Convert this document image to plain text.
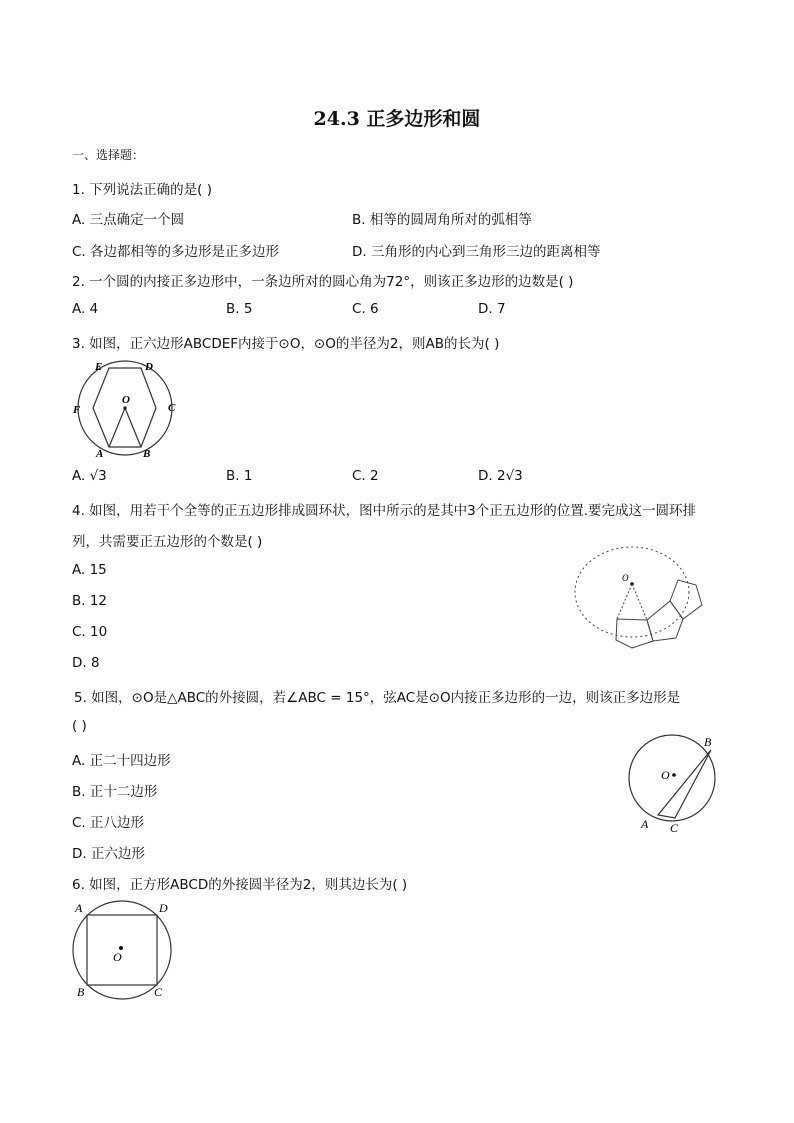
24.3 正多边形和圆
一、选择题：
1. 下列说法正确的是( )
A. 三点确定一个圆	B. 相等的圆周角所对的弧相等
C. 各边都相等的多边形是正多边形	D. 三角形的内心到三角形三边的距离相等
2. 一个圆的内接正多边形中，一条边所对的圆心角为72°，则该正多边形的边数是( )
A. 4	B. 5	C. 6	D. 7
3. 如图，正六边形ABCDEF内接于⊙O，⊙O的半径为2，则AB的长为( )
E	D
F	C
O
A	B
A. √3	B. 1	C. 2	D. 2√3
4. 如图，用若干个全等的正五边形排成圆环状，图中所示的是其中3个正五边形的位置.要完成这一圆环排
列，共需要正五边形的个数是( )
A. 15
B. 12
C. 10
D. 8
O
5. 如图，⊙O是△ABC的外接圆，若∠ABC = 15°，弦AC是⊙O内接正多边形的一边，则该正多边形是
( )
A. 正二十四边形
B. 正十二边形
C. 正八边形
D. 正六边形
O
B
A C
6. 如图，正方形ABCD的外接圆半径为2，则其边长为( )
O
A	D
B	C
